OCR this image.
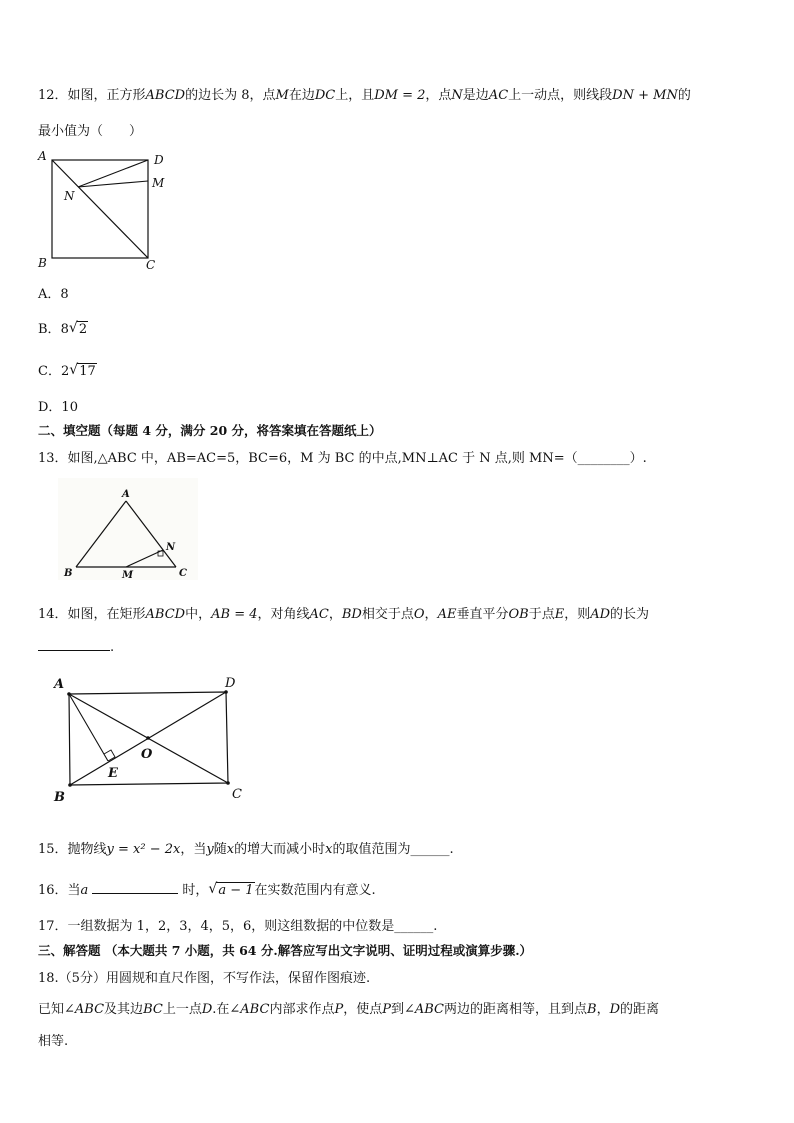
12．如图，正方形ABCD的边长为 8，点M在边DC上，且DM = 2，点N是边AC上一动点，则线段DN + MN的
最小值为（　　）
A	D
M
N
B	C
A．8
B．8 √ 2
C．2 √ 17
D．10
二、填空题（每题 4 分，满分 20 分，将答案填在答题纸上）
13．如图,△ABC 中，AB=AC=5，BC=6，M 为 BC 的中点,MN⊥AC 于 N 点,则 MN=（________）.
A
B	M
N
C
14．如图，在矩形ABCD中，AB = 4，对角线AC，BD相交于点O，AE垂直平分OB于点E，则AD的长为
.
A	D
O
E
B	C
15．抛物线y = x² − 2x，当y随x的增大而减小时x的取值范围为______.
16．当a	时， √ a − 1在实数范围内有意义.
17．一组数据为 1，2，3，4，5，6，则这组数据的中位数是______.
三、解答题 （本大题共 7 小题，共 64 分.解答应写出文字说明、证明过程或演算步骤.）
18.（5分）用圆规和直尺作图，不写作法，保留作图痕迹.
已知∠ABC及其边BC上一点D.在∠ABC内部求作点P，使点P到∠ABC两边的距离相等，且到点B，D的距离
相等.
